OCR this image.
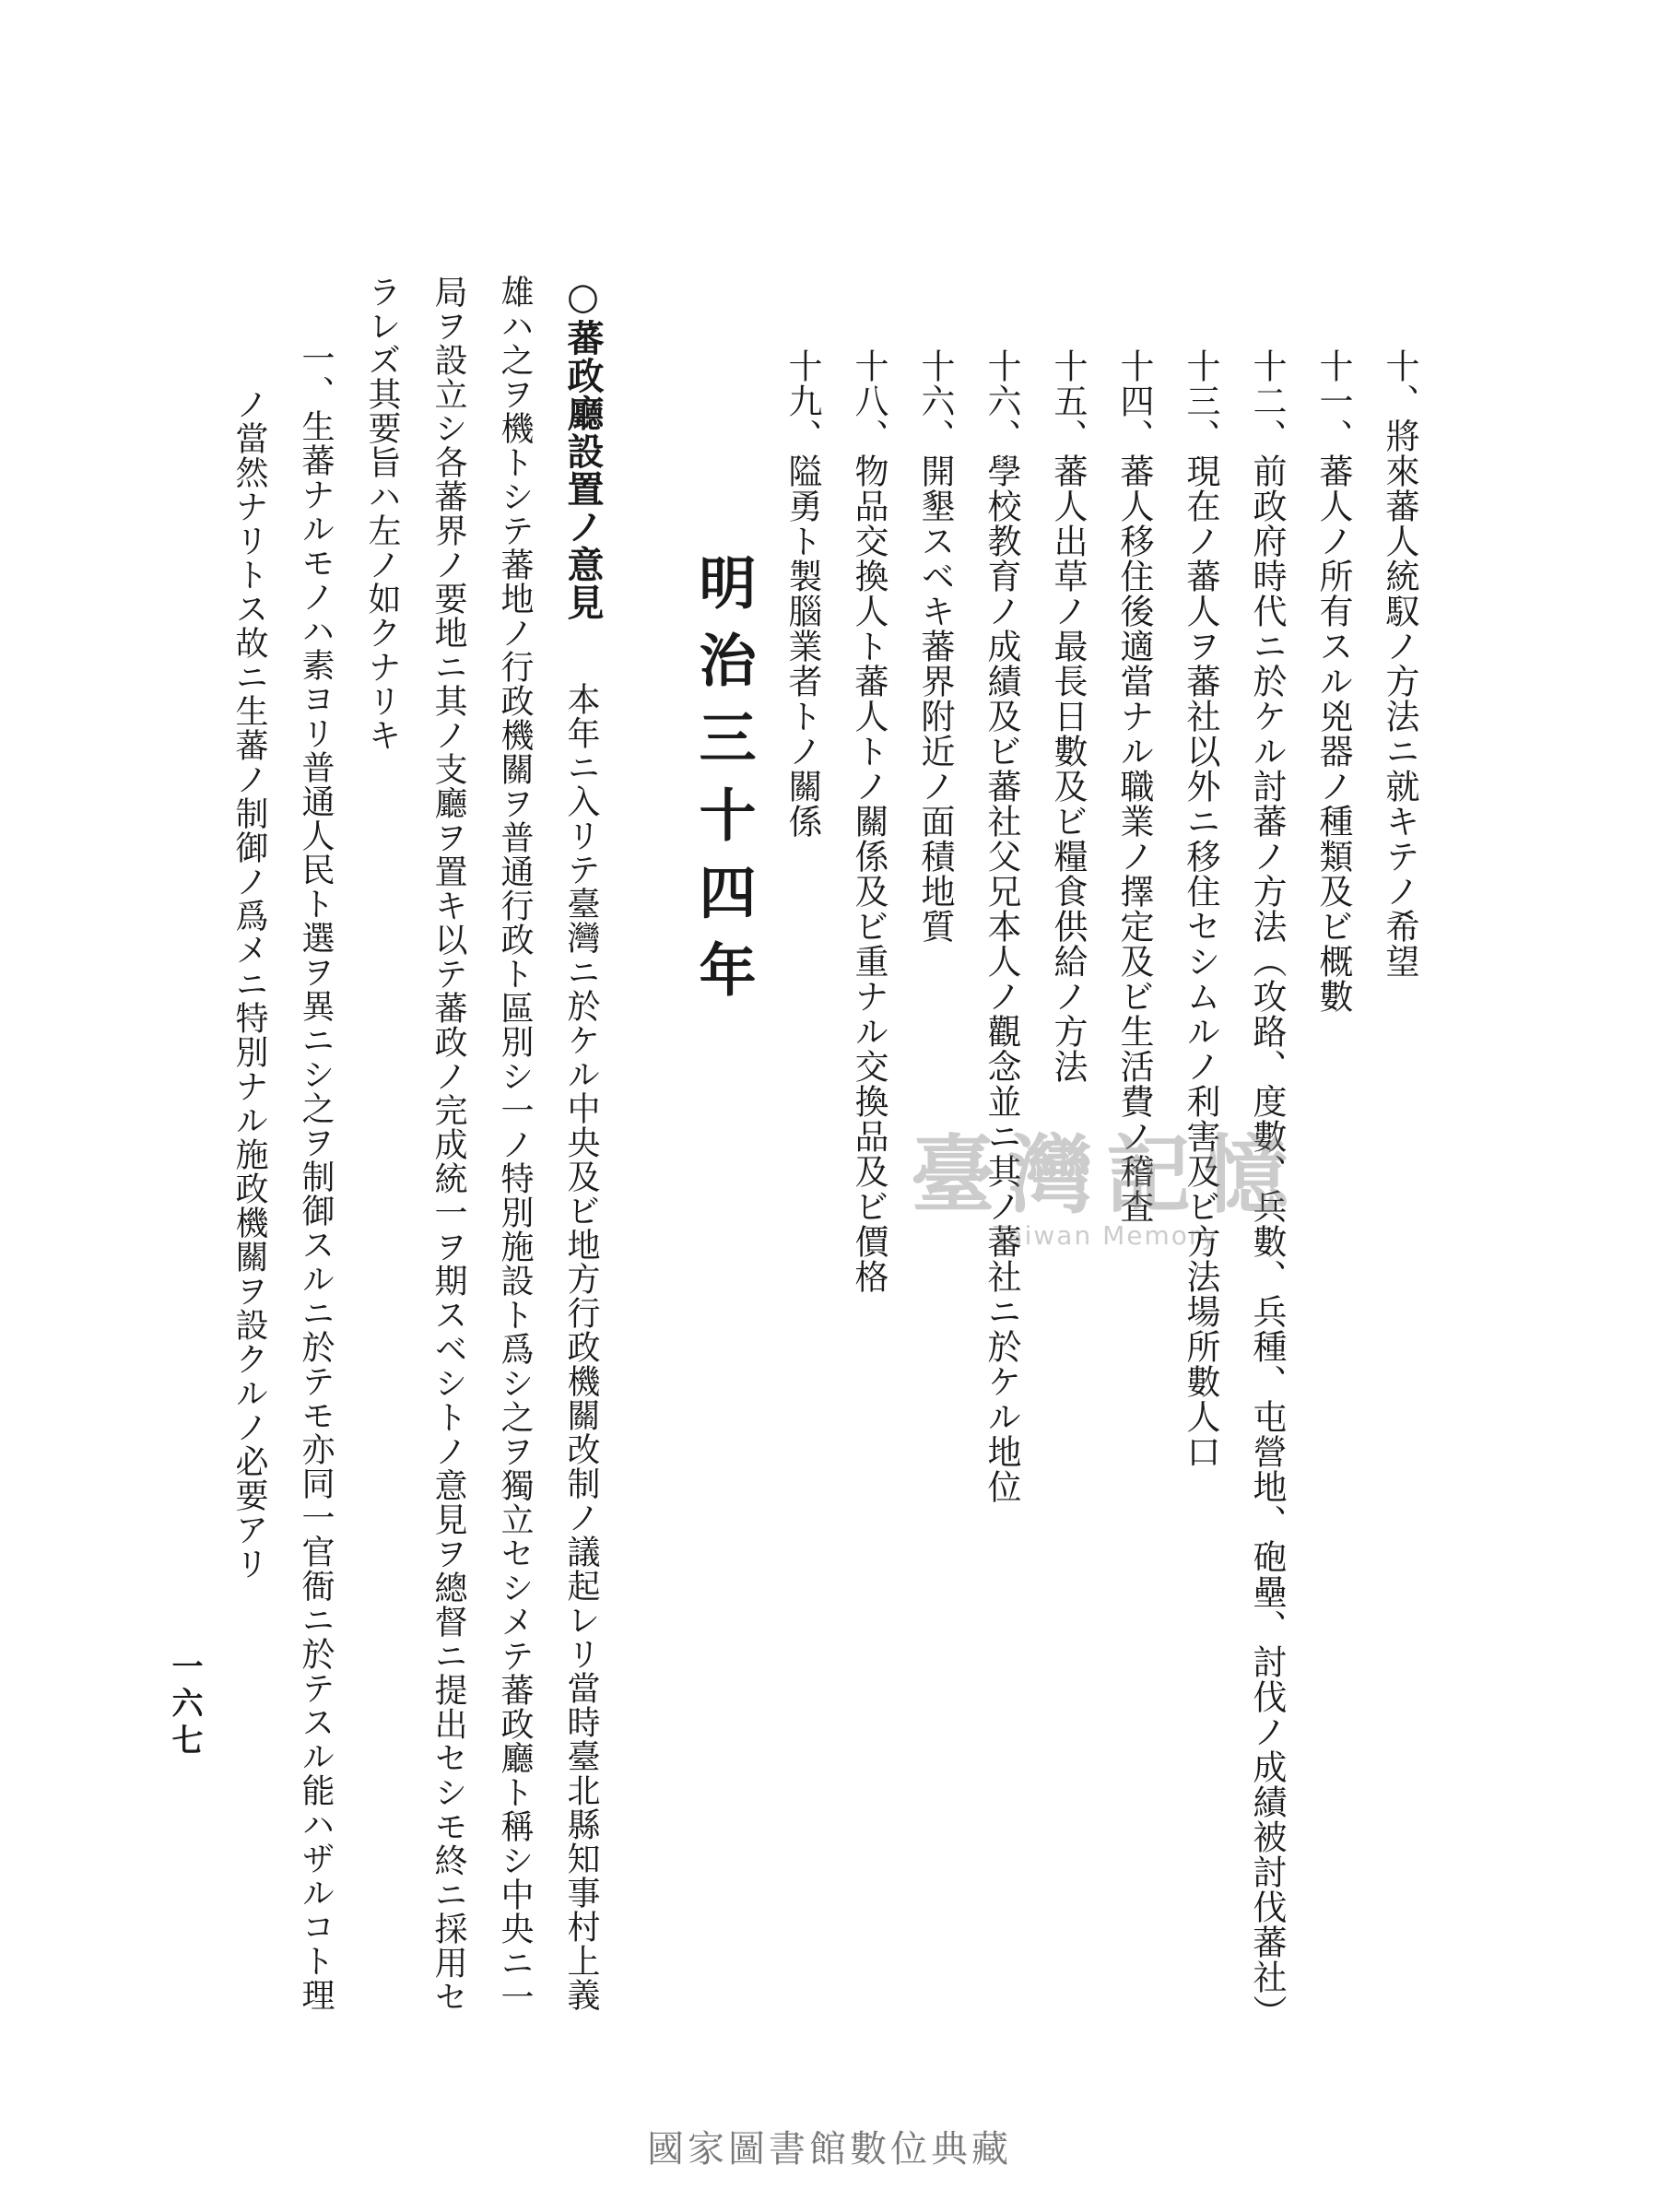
十、將來蕃人統馭ノ方法ニ就キテノ希望
十一、蕃人ノ所有スル兇器ノ種類及ビ概數
十二、前政府時代ニ於ケル討蕃ノ方法（攻路、度數、兵數、兵種、屯營地、砲壘、討伐ノ成績被討伐蕃社）
十三、現在ノ蕃人ヲ蕃社以外ニ移住セシムルノ利害及ビ方法場所數人口
十四、蕃人移住後適當ナル職業ノ擇定及ビ生活費ノ稽査
十五、蕃人出草ノ最長日數及ビ糧食供給ノ方法
十六、學校教育ノ成績及ビ蕃社父兄本人ノ觀念並ニ其ノ蕃社ニ於ケル地位
十六、開墾スベキ蕃界附近ノ面積地質
十八、物品交換人ト蕃人トノ關係及ビ重ナル交換品及ビ價格
十九、隘勇ト製腦業者トノ關係
明治三十四年
○蕃政廳設置ノ意見
本年ニ入リテ臺灣ニ於ケル中央及ビ地方行政機關改制ノ議起レリ當時臺北縣知事村上義
雄ハ之ヲ機トシテ蕃地ノ行政機關ヲ普通行政ト區別シ一ノ特別施設ト爲シ之ヲ獨立セシメテ蕃政廳ト稱シ中央ニ一
局ヲ設立シ各蕃界ノ要地ニ其ノ支廳ヲ置キ以テ蕃政ノ完成統一ヲ期スベシトノ意見ヲ總督ニ提出セシモ終ニ採用セ
ラレズ其要旨ハ左ノ如クナリキ
一、生蕃ナルモノハ素ヨリ普通人民ト選ヲ異ニシ之ヲ制御スルニ於テモ亦同一官衙ニ於テスル能ハザルコト理
ノ當然ナリトス故ニ生蕃ノ制御ノ爲メニ特別ナル施政機關ヲ設クルノ必要アリ
一六七
臺灣記憶
Taiwan Memory
國家圖書館數位典藏
